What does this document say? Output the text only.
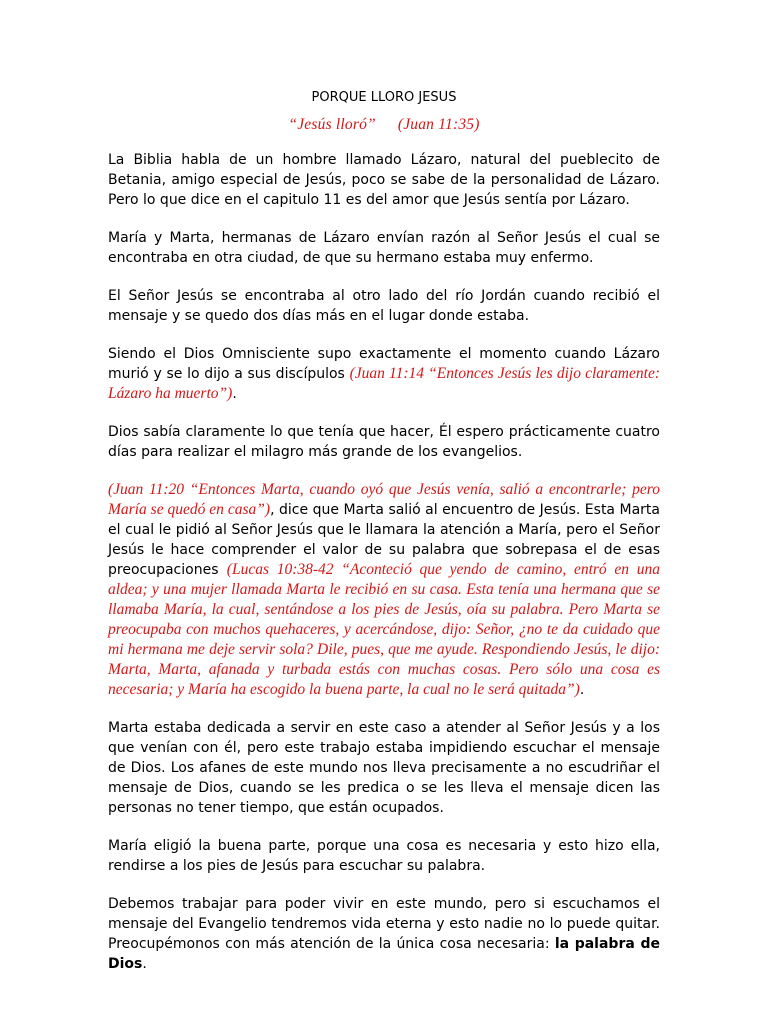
PORQUE LLORO JESUS
“Jesús lloró” (Juan 11:35)

La Biblia habla de un hombre llamado Lázaro, natural del pueblecito de Betania, amigo especial de Jesús, poco se sabe de la personalidad de Lázaro. Pero lo que dice en el capitulo 11 es del amor que Jesús sentía por Lázaro.

María y Marta, hermanas de Lázaro envían razón al Señor Jesús el cual se encontraba en otra ciudad, de que su hermano estaba muy enfermo.

El Señor Jesús se encontraba al otro lado del río Jordán cuando recibió el mensaje y se quedo dos días más en el lugar donde estaba.

Siendo el Dios Omnisciente supo exactamente el momento cuando Lázaro murió y se lo dijo a sus discípulos (Juan 11:14 “Entonces Jesús les dijo claramente: Lázaro ha muerto”).

Dios sabía claramente lo que tenía que hacer, Él espero prácticamente cuatro días para realizar el milagro más grande de los evangelios.

(Juan 11:20 “Entonces Marta, cuando oyó que Jesús venía, salió a encontrarle; pero María se quedó en casa”), dice que Marta salió al encuentro de Jesús. Esta Marta el cual le pidió al Señor Jesús que le llamara la atención a María, pero el Señor Jesús le hace comprender el valor de su palabra que sobrepasa el de esas preocupaciones (Lucas 10:38-42 “Aconteció que yendo de camino, entró en una aldea; y una mujer llamada Marta le recibió en su casa. Esta tenía una hermana que se llamaba María, la cual, sentándose a los pies de Jesús, oía su palabra. Pero Marta se preocupaba con muchos quehaceres, y acercándose, dijo: Señor, ¿no te da cuidado que mi hermana me deje servir sola? Dile, pues, que me ayude. Respondiendo Jesús, le dijo: Marta, Marta, afanada y turbada estás con muchas cosas. Pero sólo una cosa es necesaria; y María ha escogido la buena parte, la cual no le será quitada”).

Marta estaba dedicada a servir en este caso a atender al Señor Jesús y a los que venían con él, pero este trabajo estaba impidiendo escuchar el mensaje de Dios. Los afanes de este mundo nos lleva precisamente a no escudriñar el mensaje de Dios, cuando se les predica o se les lleva el mensaje dicen las personas no tener tiempo, que están ocupados.

María eligió la buena parte, porque una cosa es necesaria y esto hizo ella, rendirse a los pies de Jesús para escuchar su palabra.

Debemos trabajar para poder vivir en este mundo, pero si escuchamos el mensaje del Evangelio tendremos vida eterna y esto nadie no lo puede quitar. Preocupémonos con más atención de la única cosa necesaria: la palabra de Dios.
